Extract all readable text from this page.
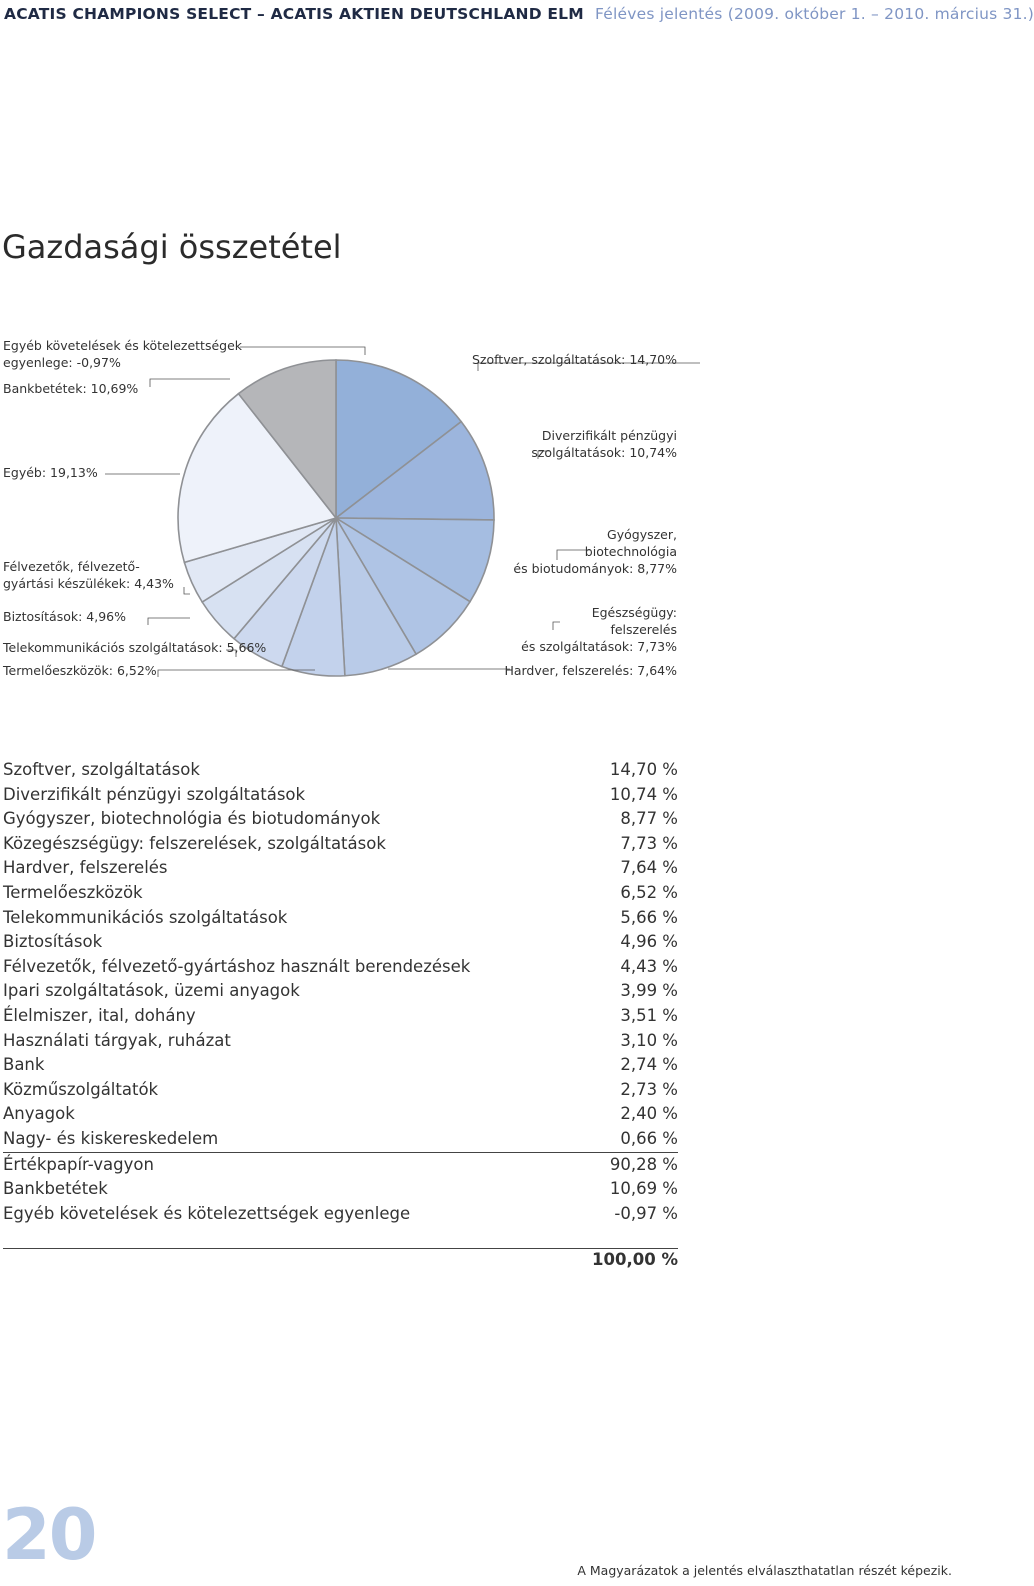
ACATIS CHAMPIONS SELECT – ACATIS AKTIEN DEUTSCHLAND ELM Féléves jelentés (2009. október 1. – 2010. március 31.)
Gazdasági összetétel
Szoftver, szolgáltatások: 14,70%
Diverzifikált pénzügyi szolgáltatások: 10,74%
Gyógyszer, biotechnológia és biotudományok: 8,77%
Egészségügy: felszerelés és szolgáltatások: 7,73%
Hardver, felszerelés: 7,64%
Termelőeszközök: 6,52%
Telekommunikációs szolgáltatások: 5,66%
Biztosítások: 4,96%
Félvezetők, félvezető-gyártási készülékek: 4,43%
Egyéb: 19,13%
Bankbetétek: 10,69%
Egyéb követelések és kötelezettségek egyenlege: -0,97%
Szoftver, szolgáltatások	14,70 %
Diverzifikált pénzügyi szolgáltatások	10,74 %
Gyógyszer, biotechnológia és biotudományok	8,77 %
Közegészségügy: felszerelések, szolgáltatások	7,73 %
Hardver, felszerelés	7,64 %
Termelőeszközök	6,52 %
Telekommunikációs szolgáltatások	5,66 %
Biztosítások	4,96 %
Félvezetők, félvezető-gyártáshoz használt berendezések	4,43 %
Ipari szolgáltatások, üzemi anyagok	3,99 %
Élelmiszer, ital, dohány	3,51 %
Használati tárgyak, ruházat	3,10 %
Bank	2,74 %
Közműszolgáltatók	2,73 %
Anyagok	2,40 %
Nagy- és kiskereskedelem	0,66 %
Értékpapír-vagyon	90,28 %
Bankbetétek	10,69 %
Egyéb követelések és kötelezettségek egyenlege	-0,97 %
100,00 %
20	A Magyarázatok a jelentés elválaszthatatlan részét képezik.
